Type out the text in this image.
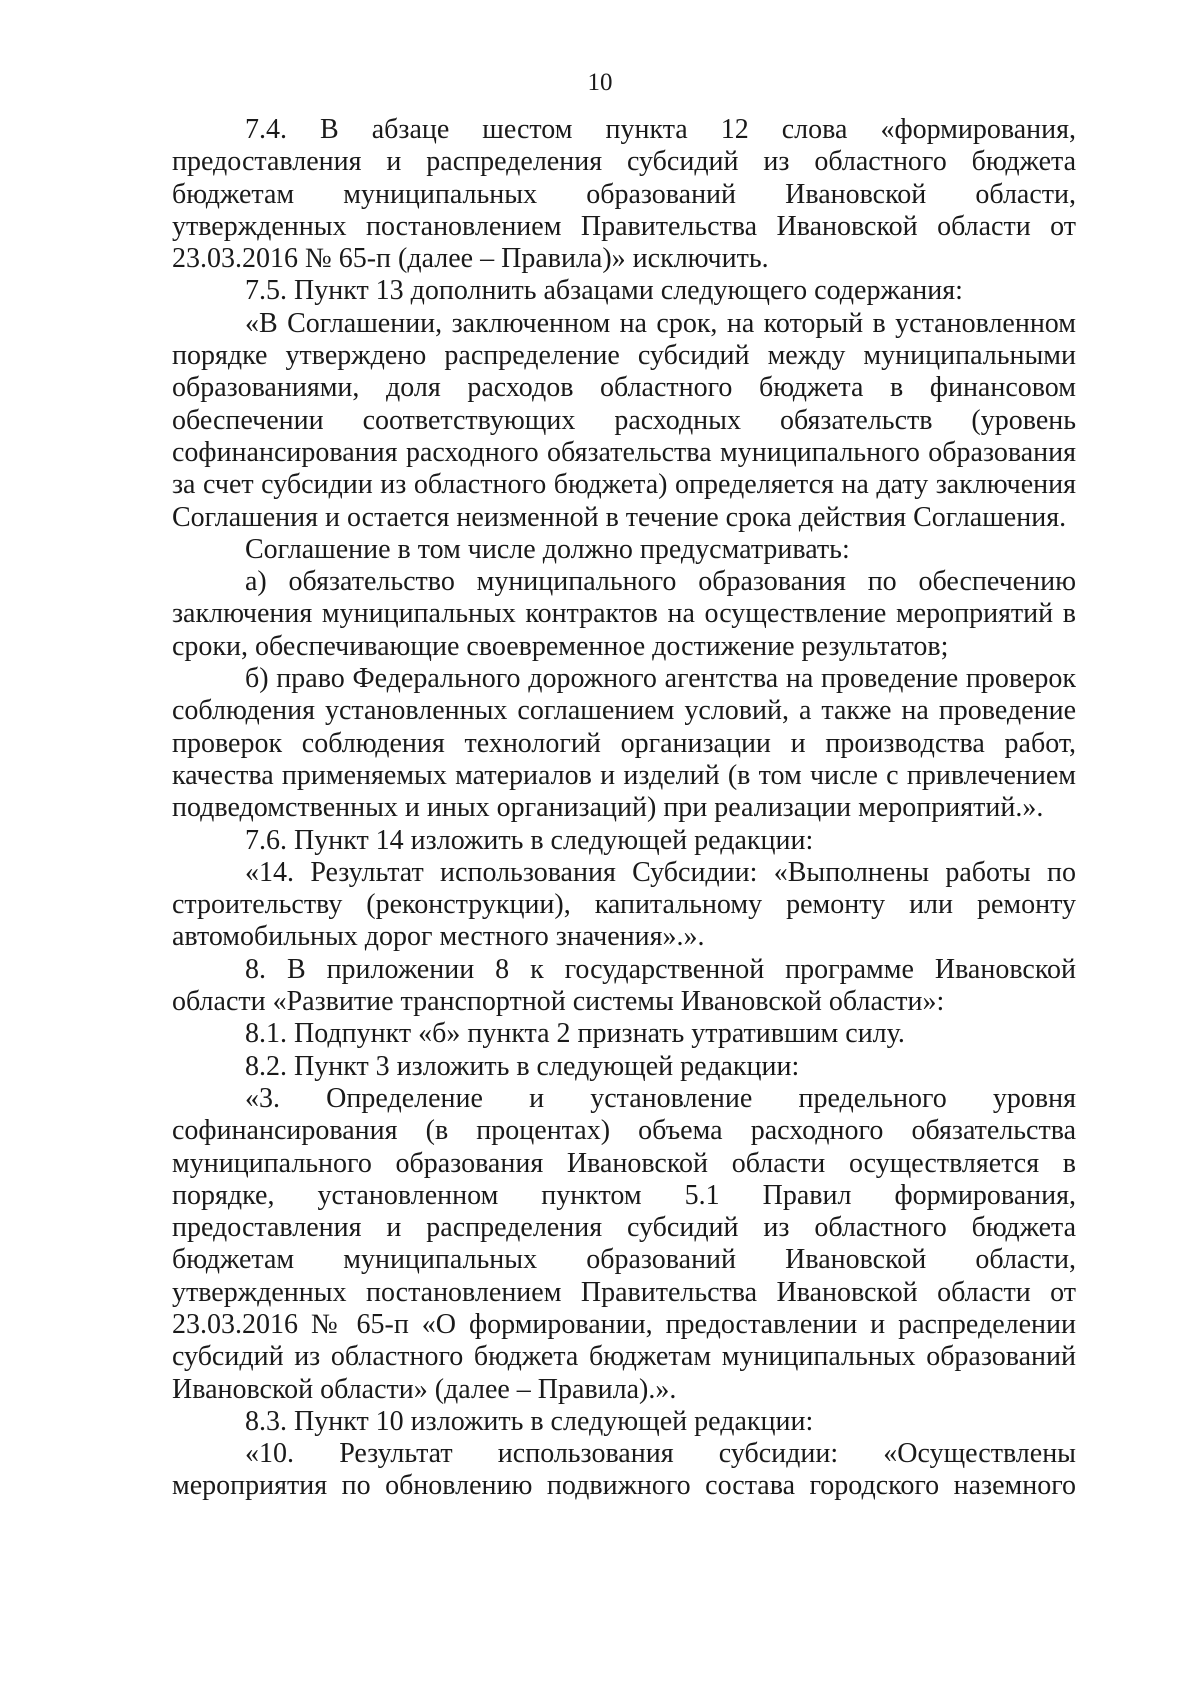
10

7.4. В абзаце шестом пункта 12 слова «формирования, предоставления и распределения субсидий из областного бюджета бюджетам муниципальных образований Ивановской области, утвержденных постановлением Правительства Ивановской области от 23.03.2016 № 65-п (далее – Правила)» исключить.

7.5. Пункт 13 дополнить абзацами следующего содержания:

«В Соглашении, заключенном на срок, на который в установленном порядке утверждено распределение субсидий между муниципальными образованиями, доля расходов областного бюджета в финансовом обеспечении соответствующих расходных обязательств (уровень софинансирования расходного обязательства муниципального образования за счет субсидии из областного бюджета) определяется на дату заключения Соглашения и остается неизменной в течение срока действия Соглашения.

Соглашение в том числе должно предусматривать:

а) обязательство муниципального образования по обеспечению заключения муниципальных контрактов на осуществление мероприятий в сроки, обеспечивающие своевременное достижение результатов;

б) право Федерального дорожного агентства на проведение проверок соблюдения установленных соглашением условий, а также на проведение проверок соблюдения технологий организации и производства работ, качества применяемых материалов и изделий (в том числе с привлечением подведомственных и иных организаций) при реализации мероприятий.».

7.6. Пункт 14 изложить в следующей редакции:

«14. Результат использования Субсидии: «Выполнены работы по строительству (реконструкции), капитальному ремонту или ремонту автомобильных дорог местного значения».».

8. В приложении 8 к государственной программе Ивановской области «Развитие транспортной системы Ивановской области»:

8.1. Подпункт «б» пункта 2 признать утратившим силу.

8.2. Пункт 3 изложить в следующей редакции:

«3. Определение и установление предельного уровня софинансирования (в процентах) объема расходного обязательства муниципального образования Ивановской области осуществляется в порядке, установленном пунктом 5.1 Правил формирования, предоставления и распределения субсидий из областного бюджета бюджетам муниципальных образований Ивановской области, утвержденных постановлением Правительства Ивановской области от 23.03.2016 № 65-п «О формировании, предоставлении и распределении субсидий из областного бюджета бюджетам муниципальных образований Ивановской области» (далее – Правила).».

8.3. Пункт 10 изложить в следующей редакции:

«10. Результат использования субсидии: «Осуществлены мероприятия по обновлению подвижного состава городского наземного
